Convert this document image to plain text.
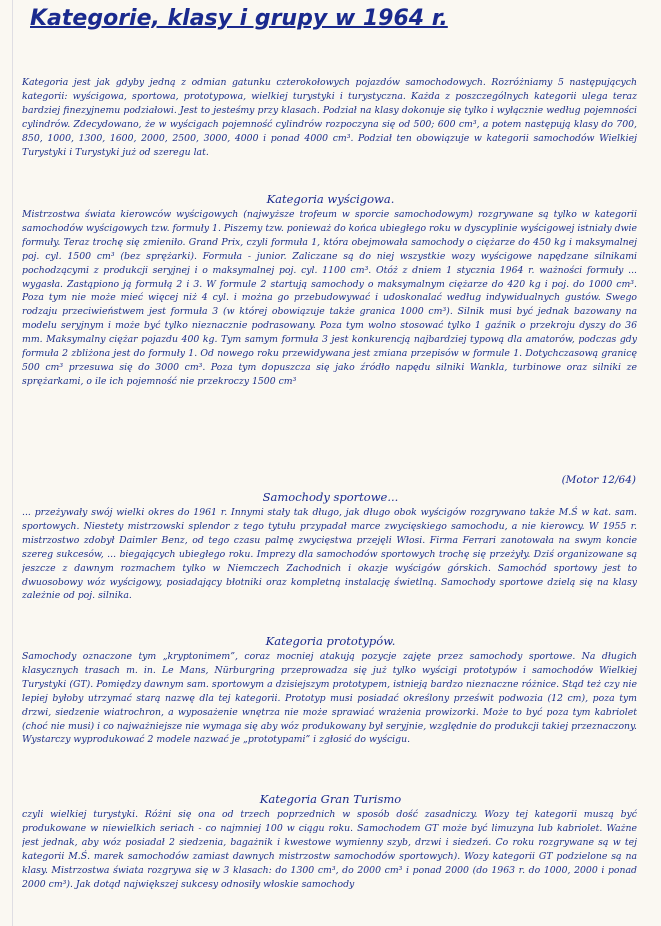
Kategorie, klasy i grupy w 1964 r.

Kategoria jest jak gdyby jedną z odmian gatunku czterokołowych pojazdów samochodowych. Rozróżniamy 5 następujących kategorii: wyścigowa, sportowa, prototypowa, wielkiej turystyki i turystyczna. Każda z poszczególnych kategorii ulega teraz bardziej finezyjnemu podziałowi. Jest to jesteśmy przy klasach. Podział na klasy dokonuje się tylko i wyłącznie według pojemności cylindrów. Zdecydowano, że w wyścigach pojemność cylindrów rozpoczyna się od 500; 600 cm³, a potem następują klasy do 700, 850, 1000, 1300, 1600, 2000, 2500, 3000, 4000 i ponad 4000 cm³. Podział ten obowiązuje w kategorii samochodów Wielkiej Turystyki i Turystyki już od szeregu lat.

Kategoria wyścigowa.

Mistrzostwa świata kierowców wyścigowych (najwyższe trofeum w sporcie samochodowym) rozgrywane są tylko w kategorii samochodów wyścigowych tzw. formuły 1. Piszemy tzw. ponieważ do końca ubiegłego roku w dyscyplinie wyścigowej istniały dwie formuły. Teraz trochę się zmieniło. Grand Prix, czyli formuła 1, która obejmowała samochody o ciężarze do 450 kg i maksymalnej poj. cyl. 1500 cm³ (bez sprężarki). Formuła - junior. Zaliczane są do niej wszystkie wozy wyścigowe napędzane silnikami pochodzącymi z produkcji seryjnej i o maksymalnej poj. cyl. 1100 cm³. Otóż z dniem 1 stycznia 1964 r. ważności formuły ... wygasła. Zastąpiono ją formułą 2 i 3. W formule 2 startują samochody o maksymalnym ciężarze do 420 kg i poj. do 1000 cm³. Poza tym nie może mieć więcej niż 4 cyl. i można go przebudowywać i udoskonalać według indywidualnych gustów. Swego rodzaju przeciwieństwem jest formuła 3 (w której obowiązuje także granica 1000 cm³). Silnik musi być jednak bazowany na modelu seryjnym i może być tylko nieznacznie podrasowany. Poza tym wolno stosować tylko 1 gaźnik o przekroju dyszy do 36 mm. Maksymalny ciężar pojazdu 400 kg. Tym samym formuła 3 jest konkurencją najbardziej typową dla amatorów, podczas gdy formuła 2 zbliżona jest do formuły 1. Od nowego roku przewidywana jest zmiana przepisów w formule 1. Dotychczasową granicę 500 cm³ przesuwa się do 3000 cm³. Poza tym dopuszcza się jako źródło napędu silniki Wankla, turbinowe oraz silniki ze sprężarkami, o ile ich pojemność nie przekroczy 1500 cm³

(Motor 12/64)
Samochody sportowe...

... przeżywały swój wielki okres do 1961 r. Innymi stały tak długo, jak długo obok wyścigów rozgrywano także M.Ś w kat. sam. sportowych. Niestety mistrzowski splendor z tego tytułu przypadał marce zwycięskiego samochodu, a nie kierowcy. W 1955 r. mistrzostwo zdobył Daimler Benz, od tego czasu palmę zwycięstwa przejęli Włosi. Firma Ferrari zanotowała na swym koncie szereg sukcesów, ... biegających ubiegłego roku. Imprezy dla samochodów sportowych trochę się przeżyły. Dziś organizowane są jeszcze z dawnym rozmachem tylko w Niemczech Zachodnich i okazje wyścigów górskich. Samochód sportowy jest to dwuosobowy wóz wyścigowy, posiadający błotniki oraz kompletną instalację świetlną. Samochody sportowe dzielą się na klasy zależnie od poj. silnika.

Kategoria prototypów.

Samochody oznaczone tym „kryptonimem”, coraz mocniej atakują pozycje zajęte przez samochody sportowe. Na długich klasycznych trasach m. in. Le Mans, Nürburgring przeprowadza się już tylko wyścigi prototypów i samochodów Wielkiej Turystyki (GT). Pomiędzy dawnym sam. sportowym a dzisiejszym prototypem, istnieją bardzo nieznaczne różnice. Stąd też czy nie lepiej byłoby utrzymać starą nazwę dla tej kategorii. Prototyp musi posiadać określony prześwit podwozia (12 cm), poza tym drzwi, siedzenie wiatrochron, a wyposażenie wnętrza nie może sprawiać wrażenia prowizorki. Może to być poza tym kabriolet (choć nie musi) i co najważniejsze nie wymaga się aby wóz produkowany był seryjnie, względnie do produkcji takiej przeznaczony. Wystarczy wyprodukować 2 modele nazwać je „prototypami” i zgłosić do wyścigu.

Kategoria Gran Turismo

czyli wielkiej turystyki. Różni się ona od trzech poprzednich w sposób dość zasadniczy. Wozy tej kategorii muszą być produkowane w niewielkich seriach - co najmniej 100 w ciągu roku. Samochodem GT może być limuzyna lub kabriolet. Ważne jest jednak, aby wóz posiadał 2 siedzenia, bagażnik i kwestowe wymienny szyb, drzwi i siedzeń. Co roku rozgrywane są w tej kategorii M.Ś. marek samochodów zamiast dawnych mistrzostw samochodów sportowych). Wozy kategorii GT podzielone są na klasy. Mistrzostwa świata rozgrywa się w 3 klasach: do 1300 cm³, do 2000 cm³ i ponad 2000 (do 1963 r. do 1000, 2000 i ponad 2000 cm³). Jak dotąd największej sukcesy odnosiły włoskie samochody
